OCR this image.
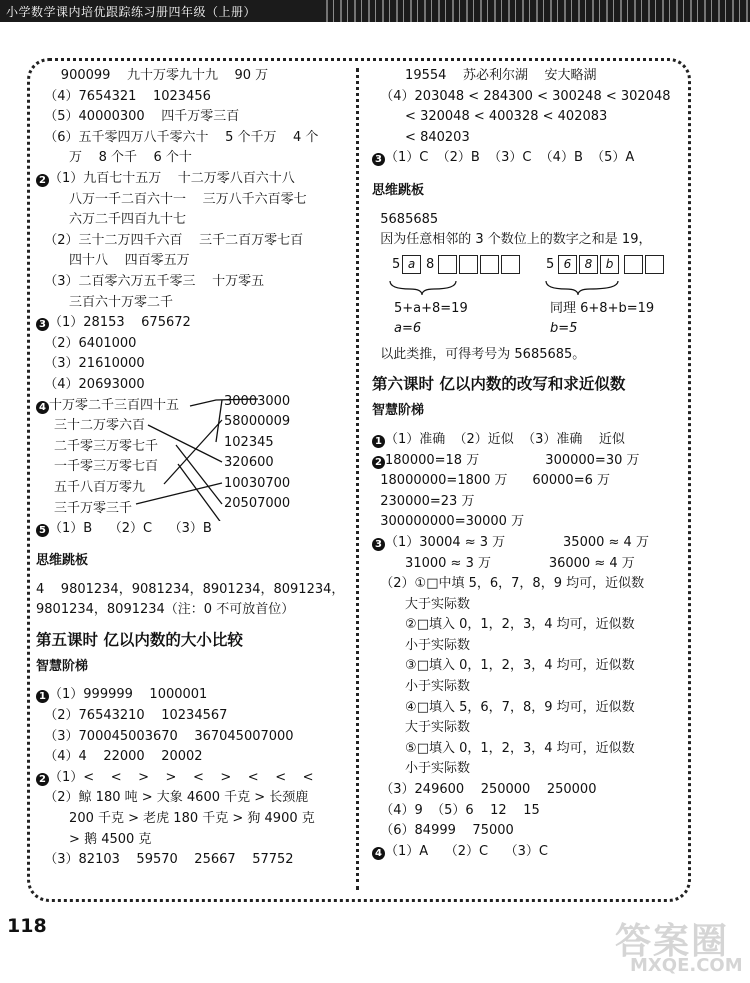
小学数学课内培优跟踪练习册四年级（上册）
900099    九十万零九十九    90 万
（4）7654321    1023456
（5）40000300    四千万零三百
（6）五千零四万八千零六十    5 个千万    4 个
万    8 个千    6 个十
2 （1）九百七十五万    十二万零八百六十八
八万一千二百六十一    三万八千六百零七
六万二千四百九十七
（2）三十二万四千六百    三千二百万零七百
四十八    四百零五万
（3）二百零六万五千零三    十万零五
三百六十万零二千
3 （1）28153    675672
（2）6401000
（3）21610000
（4）20693000
4 十万零二千三百四十五
三十二万零六百
二千零三万零七千
一千零三万零七百
五千八百万零九
三千万零三千
30003000
58000009
102345
320600
10030700
20507000
5 （1）B    （2）C    （3）B
思维跳板
4    9801234，9081234，8901234，8091234，
9801234，8091234（注：0 不可放首位）
第五课时 亿以内数的大小比较
智慧阶梯
1 （1）999999    1000001
（2）76543210    10234567
（3）700045003670    367045007000
（4）4    22000    20002
2 （1）<    <    >    >    <    >    <    <    <
（2）鲸 180 吨 > 大象 4600 千克 > 长颈鹿
200 千克 > 老虎 180 千克 > 狗 4900 克
> 鹅 4500 克
（3）82103    59570    25667    57752
19554    苏必利尔湖    安大略湖
（4）203048 < 284300 < 300248 < 302048
< 320048 < 400328 < 402083
< 840203
3 （1）C  （2）B  （3）C  （4）B  （5）A
思维跳板
5685685
因为任意相邻的 3 个数位上的数字之和是 19，
5 a 8	5 6	8	b
5+a+8=19
a=6
同理 6+8+b=19
b=5
以此类推，可得考号为 5685685。
第六课时 亿以内数的改写和求近似数
智慧阶梯
1 （1）准确  （2）近似  （3）准确    近似
2 180000=18 万                300000=30 万
18000000=1800 万      60000=6 万
230000=23 万
300000000=30000 万
3 （1）30004 ≈ 3 万              35000 ≈ 4 万
31000 ≈ 3 万              36000 ≈ 4 万
（2）①□中填 5，6，7，8，9 均可，近似数
大于实际数
②□填入 0，1，2，3，4 均可，近似数
小于实际数
③□填入 0，1，2，3，4 均可，近似数
小于实际数
④□填入 5，6，7，8，9 均可，近似数
大于实际数
⑤□填入 0，1，2，3，4 均可，近似数
小于实际数
（3）249600    250000    250000
（4）9  （5）6    12    15
（6）84999    75000
4 （1）A    （2）C    （3）C
118	答案圈
MXQE.COM
